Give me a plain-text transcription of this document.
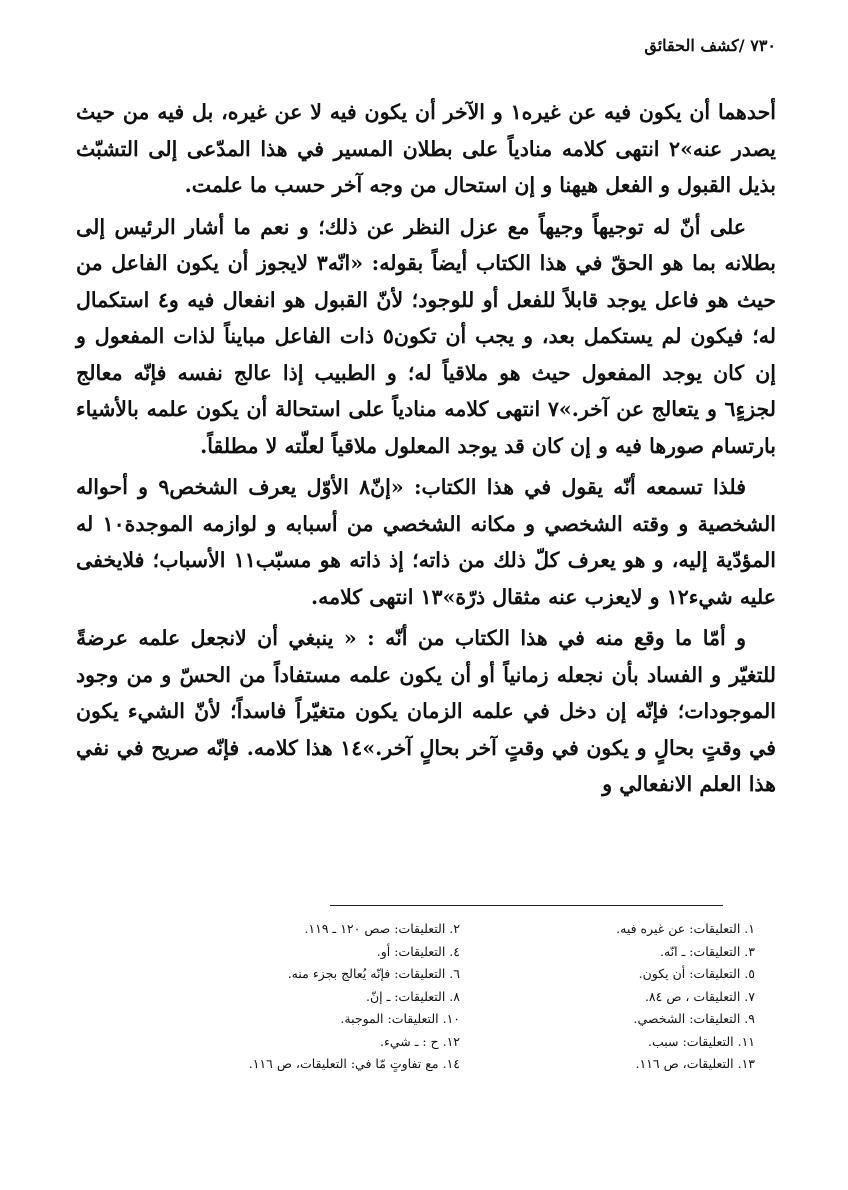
٧٣٠ /كشف الحقائق

أحدهما أن يكون فيه عن غيره١ و الآخر أن يكون فيه لا عن غيره، بل فيه من حيث يصدر عنه»٢ انتهى كلامه منادياً على بطلان المسير في هذا المدّعى إلى التشبّث بذيل القبول و الفعل هيهنا و إن استحال من وجه آخر حسب ما علمت.

على أنّ له توجيهاً وجيهاً مع عزل النظر عن ذلك؛ و نعم ما أشار الرئيس إلى بطلانه بما هو الحقّ في هذا الكتاب أيضاً بقوله: «انّه٣ لايجوز أن يكون الفاعل من حيث هو فاعل يوجد قابلاً للفعل أو للوجود؛ لأنّ القبول هو انفعال فيه و٤ استكمال له؛ فيكون لم يستكمل بعد، و يجب أن تكون٥ ذات الفاعل مبايناً لذات المفعول و إن كان يوجد المفعول حيث هو ملاقياً له؛ و الطبيب إذا عالج نفسه فإنّه معالج لجزءٍ٦ و يتعالج عن آخر.»٧ انتهى كلامه منادياً على استحالة أن يكون علمه بالأشياء بارتسام صورها فيه و إن كان قد يوجد المعلول ملاقياً لعلّته لا مطلقاً.

فلذا تسمعه أنّه يقول في هذا الكتاب: «إنّ٨ الأوّل يعرف الشخص٩ و أحواله الشخصية و وقته الشخصي و مكانه الشخصي من أسبابه و لوازمه الموجدة١٠ له المؤدّية إليه، و هو يعرف كلّ ذلك من ذاته؛ إذ ذاته هو مسبّب١١ الأسباب؛ فلايخفى عليه شيء١٢ و لايعزب عنه مثقال ذرّة»١٣ انتهى كلامه.

و أمّا ما وقع منه في هذا الكتاب من أنّه : « ينبغي أن لانجعل علمه عرضةً للتغيّر و الفساد بأن نجعله زمانياً أو أن يكون علمه مستفاداً من الحسّ و من وجود الموجودات؛ فإنّه إن دخل في علمه الزمان يكون متغيّراً فاسداً؛ لأنّ الشيء يكون في وقتٍ بحالٍ و يكون في وقتٍ آخر بحالٍ آخر.»١٤ هذا كلامه. فإنّه صريح في نفي هذا العلم الانفعالي و

١. التعليقات: عن غيره فيه.
٢. التعليقات: صص ١٢٠ ـ ١١٩.
٣. التعليقات: ـ انّه.
٤. التعليقات: أو.
٥. التعليقات: أن يكون.
٦. التعليقات: فإنّه يُعالج بجزء منه.
٧. التعليقات ، ص ٨٤.
٨. التعليقات: ـ إنّ.
٩. التعليقات: الشخصي.
١٠. التعليقات: الموجبة.
١١. التعليقات: سبب.
١٢. ح : ـ شيء.
١٣. التعليقات، ص ١١٦.
١٤. مع تفاوتٍ مّا في: التعليقات، ص ١١٦.
